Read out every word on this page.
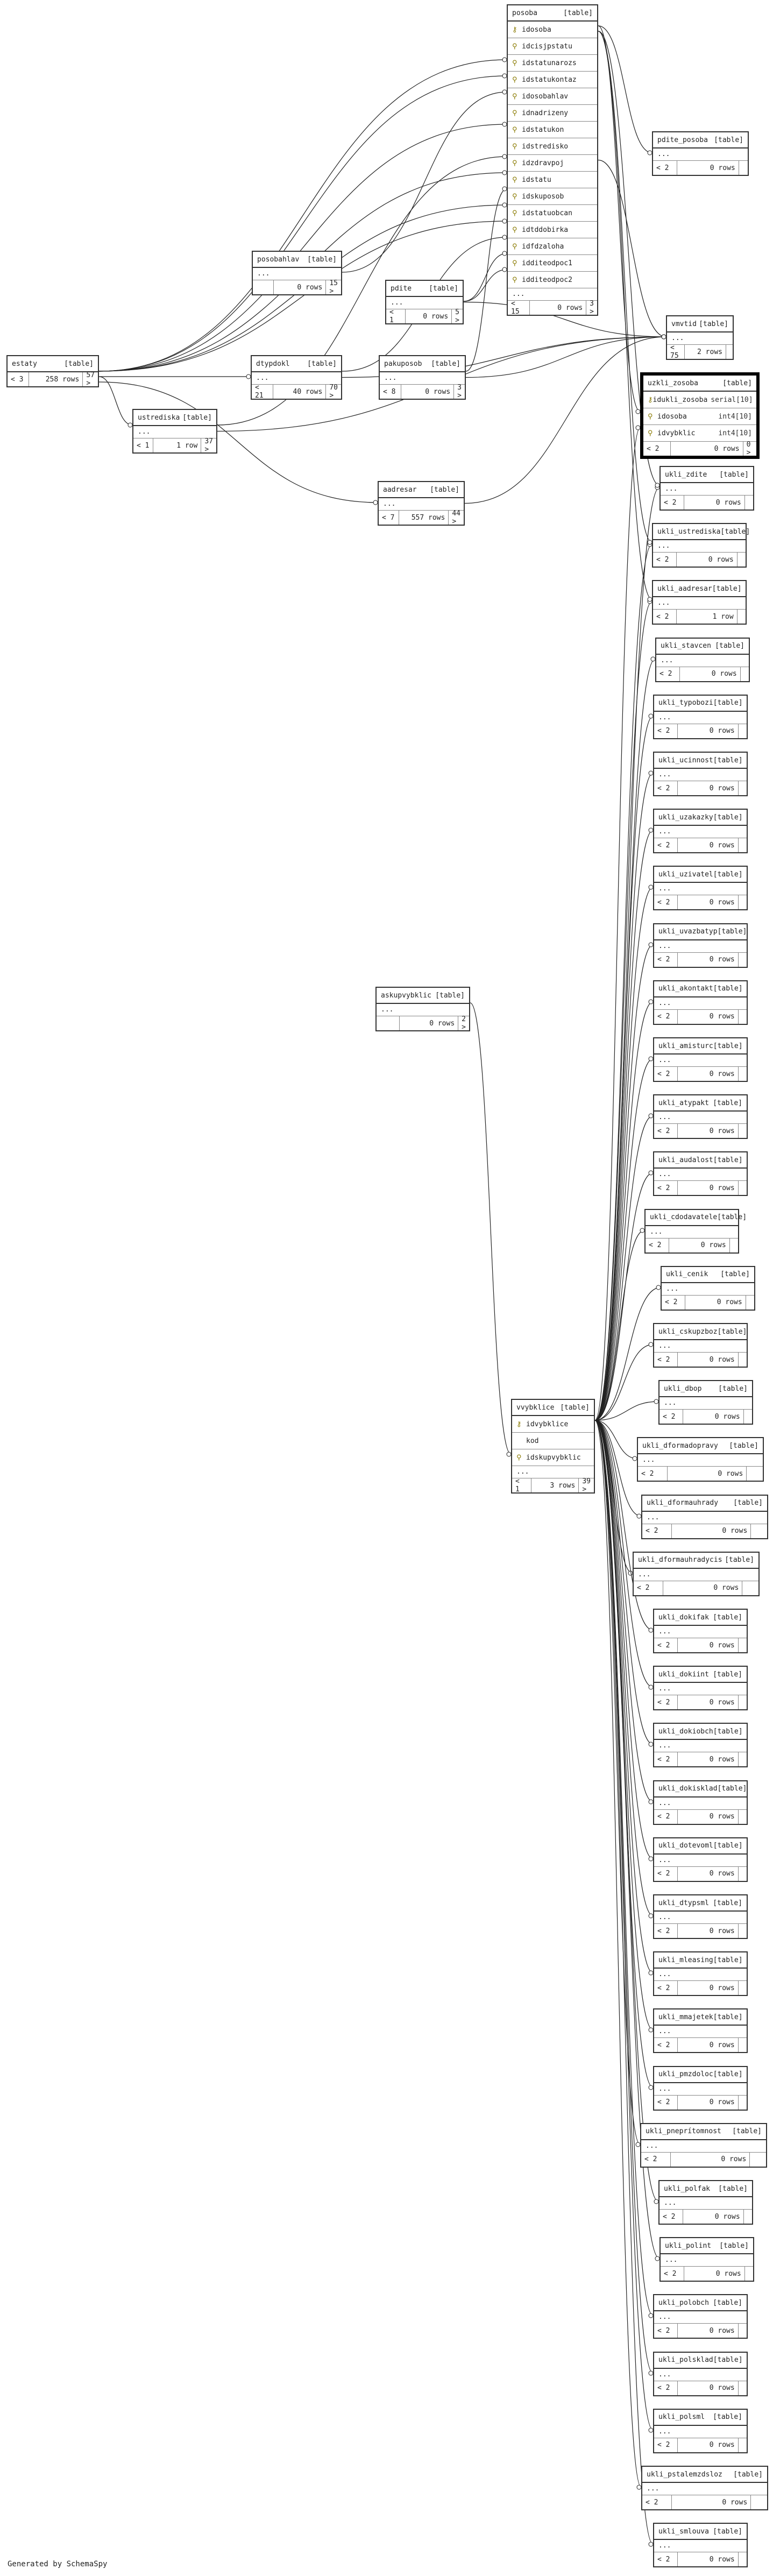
posoba	[table]
⚷ idosoba
⚲ idcisjpstatu
⚲ idstatunarozs
⚲ idstatukontaz
⚲ idosobahlav
⚲ idnadrizeny
⚲ idstatukon
⚲ idstredisko
⚲ idzdravpoj
⚲ idstatu
⚲ idskuposob
⚲ idstatuobcan
⚲ idtddobirka
⚲ idfdzaloha
⚲ idditeodpoc1
⚲ idditeodpoc2
...
< 15	0 rows	3 >
pdite_posoba [table]
...
< 2	0 rows
posobahlav [table]
...
0 rows	15 >	pdite [table]
...
< 1	0 rows	5 >	vmvtid [table]
...
< 75	2 rows
uzkli_zosoba	[table]
⚷ idukli_zosoba serial[10]
⚲ idosoba	int4[10]
⚲ idvybklic	int4[10]
< 2	0 rows	0 >
estaty	[table]
< 3	258 rows	57 >
dtypdokl	[table]
...
< 21	40 rows	70 >
pakuposob [table]
...
< 8	0 rows	3 >
ustrediska [table]
...
< 1	1 row	37 >
aadresar [table]
...
< 7	557 rows	44 >
askupvybklic [table]
...
0 rows	2 >
vvybklice [table]
⚷ idvybklice
kod
⚲ idskupvybklic
...
< 1	3 rows	39 >
ukli_zdite [table]
...
< 2	0 rows
ukli_ustrediska [table]
...
< 2	0 rows
ukli_aadresar [table]
...
< 2	1 row
ukli_stavcen [table]
...
< 2	0 rows
ukli_typobozi [table]
...
< 2	0 rows
ukli_ucinnost [table]
...
< 2	0 rows
ukli_uzakazky [table]
...
< 2	0 rows
ukli_uzivatel [table]
...
< 2	0 rows
ukli_uvazbatyp [table]
...
< 2	0 rows
ukli_akontakt [table]
...
< 2	0 rows
ukli_amisturc [table]
...
< 2	0 rows
ukli_atypakt [table]
...
< 2	0 rows
ukli_audalost [table]
...
< 2	0 rows
ukli_cdodavatele [table]
...
< 2	0 rows
ukli_cenik [table]
...
< 2	0 rows
ukli_cskupzboz [table]
...
< 2	0 rows
ukli_dbop [table]
...
< 2	0 rows
ukli_dformadopravy [table]
...
< 2	0 rows
ukli_dformauhrady [table]
...
< 2	0 rows
ukli_dformauhradycis [table]
...
< 2	0 rows
ukli_dokifak [table]
...
< 2	0 rows
ukli_dokiint [table]
...
< 2	0 rows
ukli_dokiobch [table]
...
< 2	0 rows
ukli_dokisklad [table]
...
< 2	0 rows
ukli_dotevoml [table]
...
< 2	0 rows
ukli_dtypsml [table]
...
< 2	0 rows
ukli_mleasing [table]
...
< 2	0 rows
ukli_mmajetek [table]
...
< 2	0 rows
ukli_pmzdoloc [table]
...
< 2	0 rows
ukli_pneprítomnost [table]
...
< 2	0 rows
ukli_polfak [table]
...
< 2	0 rows
ukli_polint [table]
...
< 2	0 rows
ukli_polobch [table]
...
< 2	0 rows
ukli_polsklad [table]
...
< 2	0 rows
ukli_polsml [table]
...
< 2	0 rows
ukli_pstalemzdsloz [table]
...
< 2	0 rows
ukli_smlouva [table]
...
< 2	0 rows
Generated by SchemaSpy
